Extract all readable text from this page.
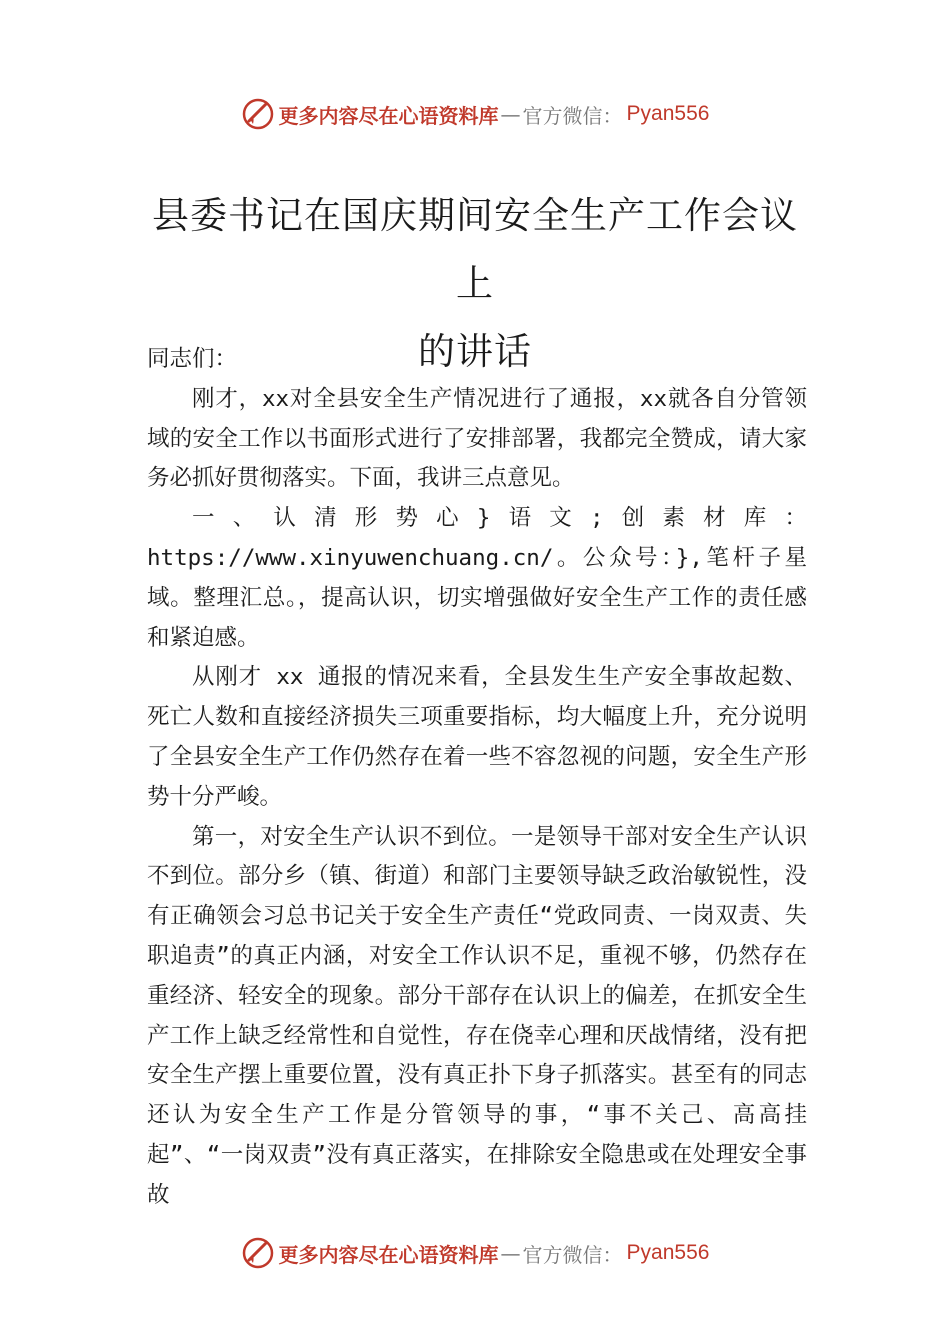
更多内容尽在心语资料库 — 官方微信： Pyan556
县委书记在国庆期间安全生产工作会议上
的讲话

同志们：

刚才，xx对全县安全生产情况进行了通报，xx就各自分管领域的安全工作以书面形式进行了安排部署，我都完全赞成，请大家务必抓好贯彻落实。下面，我讲三点意见。

一、认清形势心}语文;创素材库：https://www.xinyuwenchuang.cn/。公众号：},笔杆子星域。整理汇总。，提高认识，切实增强做好安全生产工作的责任感和紧迫感。

从刚才 xx 通报的情况来看，全县发生生产安全事故起数、死亡人数和直接经济损失三项重要指标，均大幅度上升，充分说明了全县安全生产工作仍然存在着一些不容忽视的问题，安全生产形势十分严峻。

第一，对安全生产认识不到位。一是领导干部对安全生产认识不到位。部分乡（镇、街道）和部门主要领导缺乏政治敏锐性，没有正确领会习总书记关于安全生产责任“党政同责、一岗双责、失职追责”的真正内涵，对安全工作认识不足，重视不够，仍然存在重经济、轻安全的现象。部分干部存在认识上的偏差，在抓安全生产工作上缺乏经常性和自觉性，存在侥幸心理和厌战情绪，没有把安全生产摆上重要位置，没有真正扑下身子抓落实。甚至有的同志还认为安全生产工作是分管领导的事，“事不关己、高高挂起”、“一岗双责”没有真正落实，在排除安全隐患或在处理安全事故

更多内容尽在心语资料库 — 官方微信： Pyan556
